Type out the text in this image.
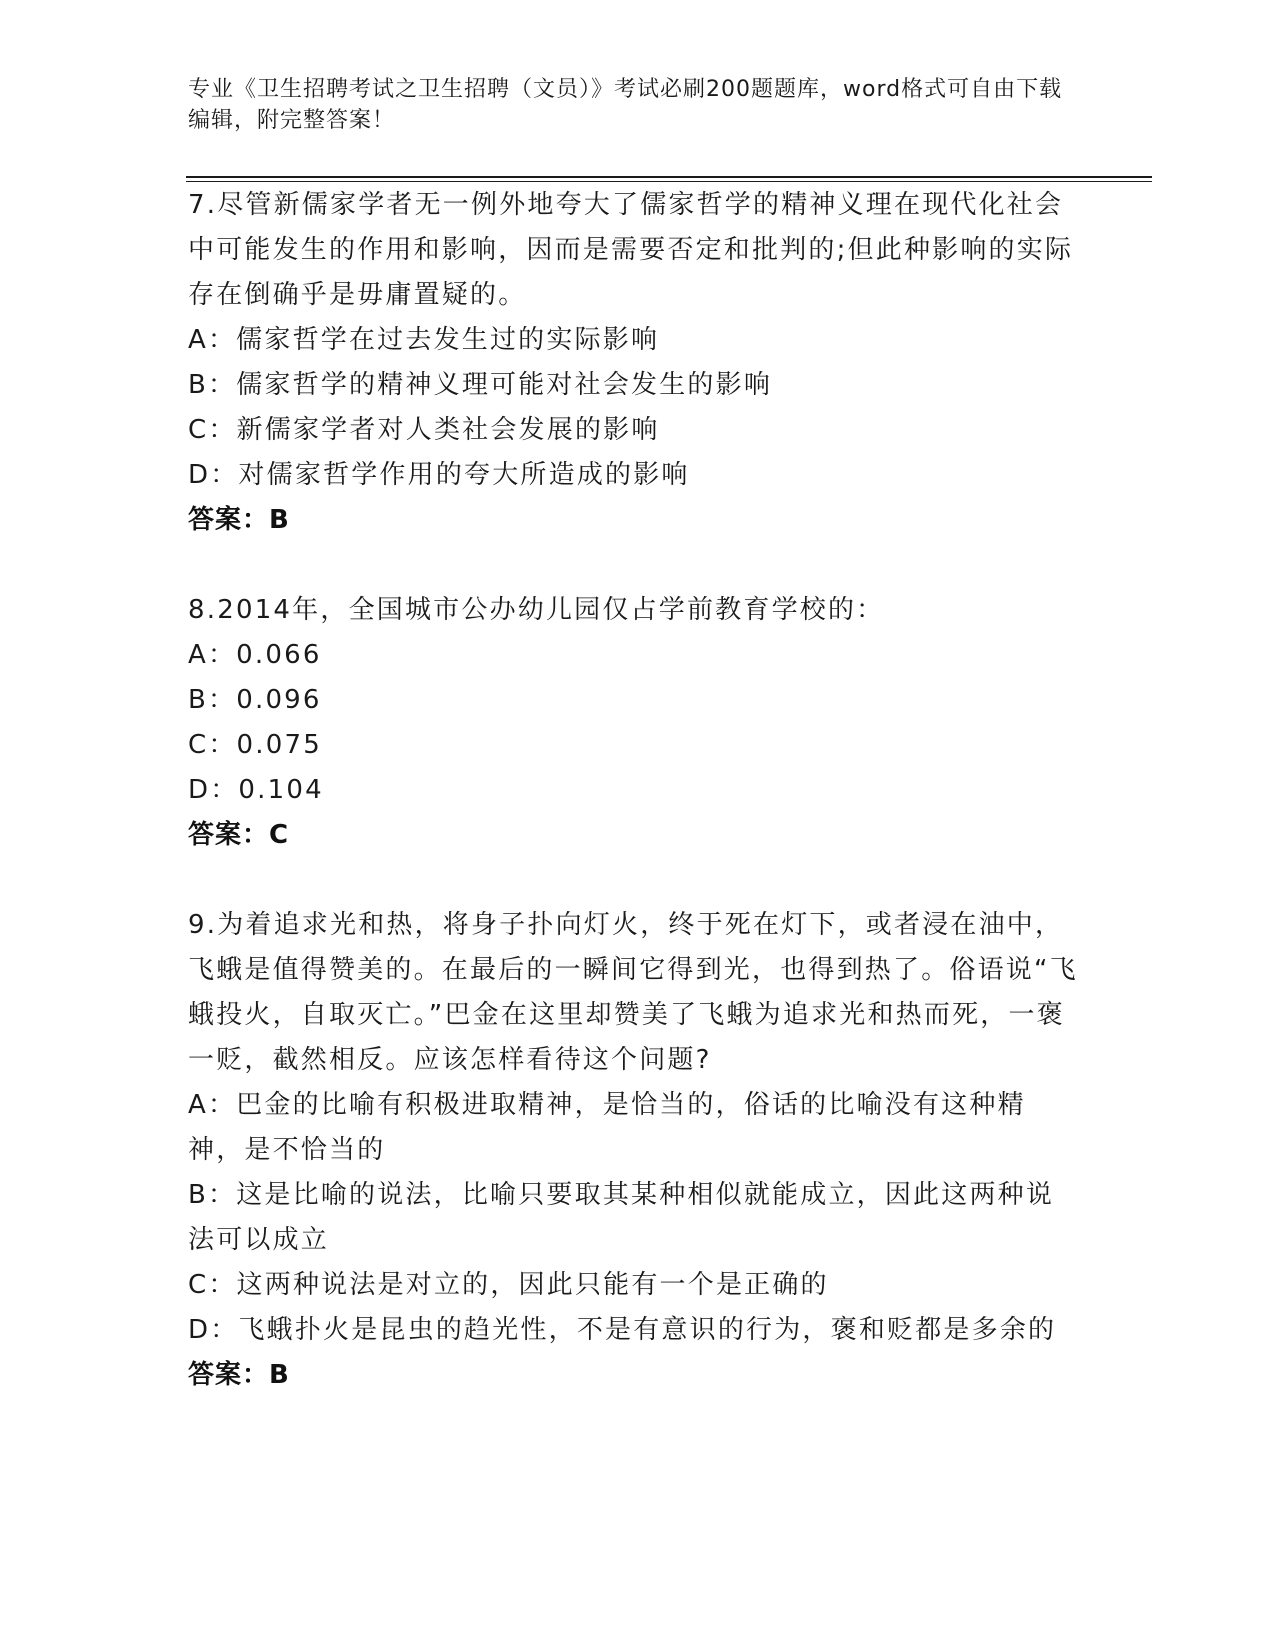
专业《卫生招聘考试之卫生招聘（文员）》考试必刷200题题库，word格式可自由下载编辑，附完整答案！

7.尽管新儒家学者无一例外地夸大了儒家哲学的精神义理在现代化社会中可能发生的作用和影响，因而是需要否定和批判的;但此种影响的实际存在倒确乎是毋庸置疑的。

A：儒家哲学在过去发生过的实际影响

B：儒家哲学的精神义理可能对社会发生的影响

C：新儒家学者对人类社会发展的影响

D：对儒家哲学作用的夸大所造成的影响

答案：B

8.2014年，全国城市公办幼儿园仅占学前教育学校的：

A：0.066

B：0.096

C：0.075

D：0.104

答案：C

9.为着追求光和热，将身子扑向灯火，终于死在灯下，或者浸在油中，飞蛾是值得赞美的。在最后的一瞬间它得到光，也得到热了。俗语说“飞蛾投火，自取灭亡。”巴金在这里却赞美了飞蛾为追求光和热而死，一褒一贬，截然相反。应该怎样看待这个问题?

A：巴金的比喻有积极进取精神，是恰当的，俗话的比喻没有这种精神，是不恰当的

B：这是比喻的说法，比喻只要取其某种相似就能成立，因此这两种说法可以成立

C：这两种说法是对立的，因此只能有一个是正确的

D：飞蛾扑火是昆虫的趋光性，不是有意识的行为，褒和贬都是多余的

答案：B
